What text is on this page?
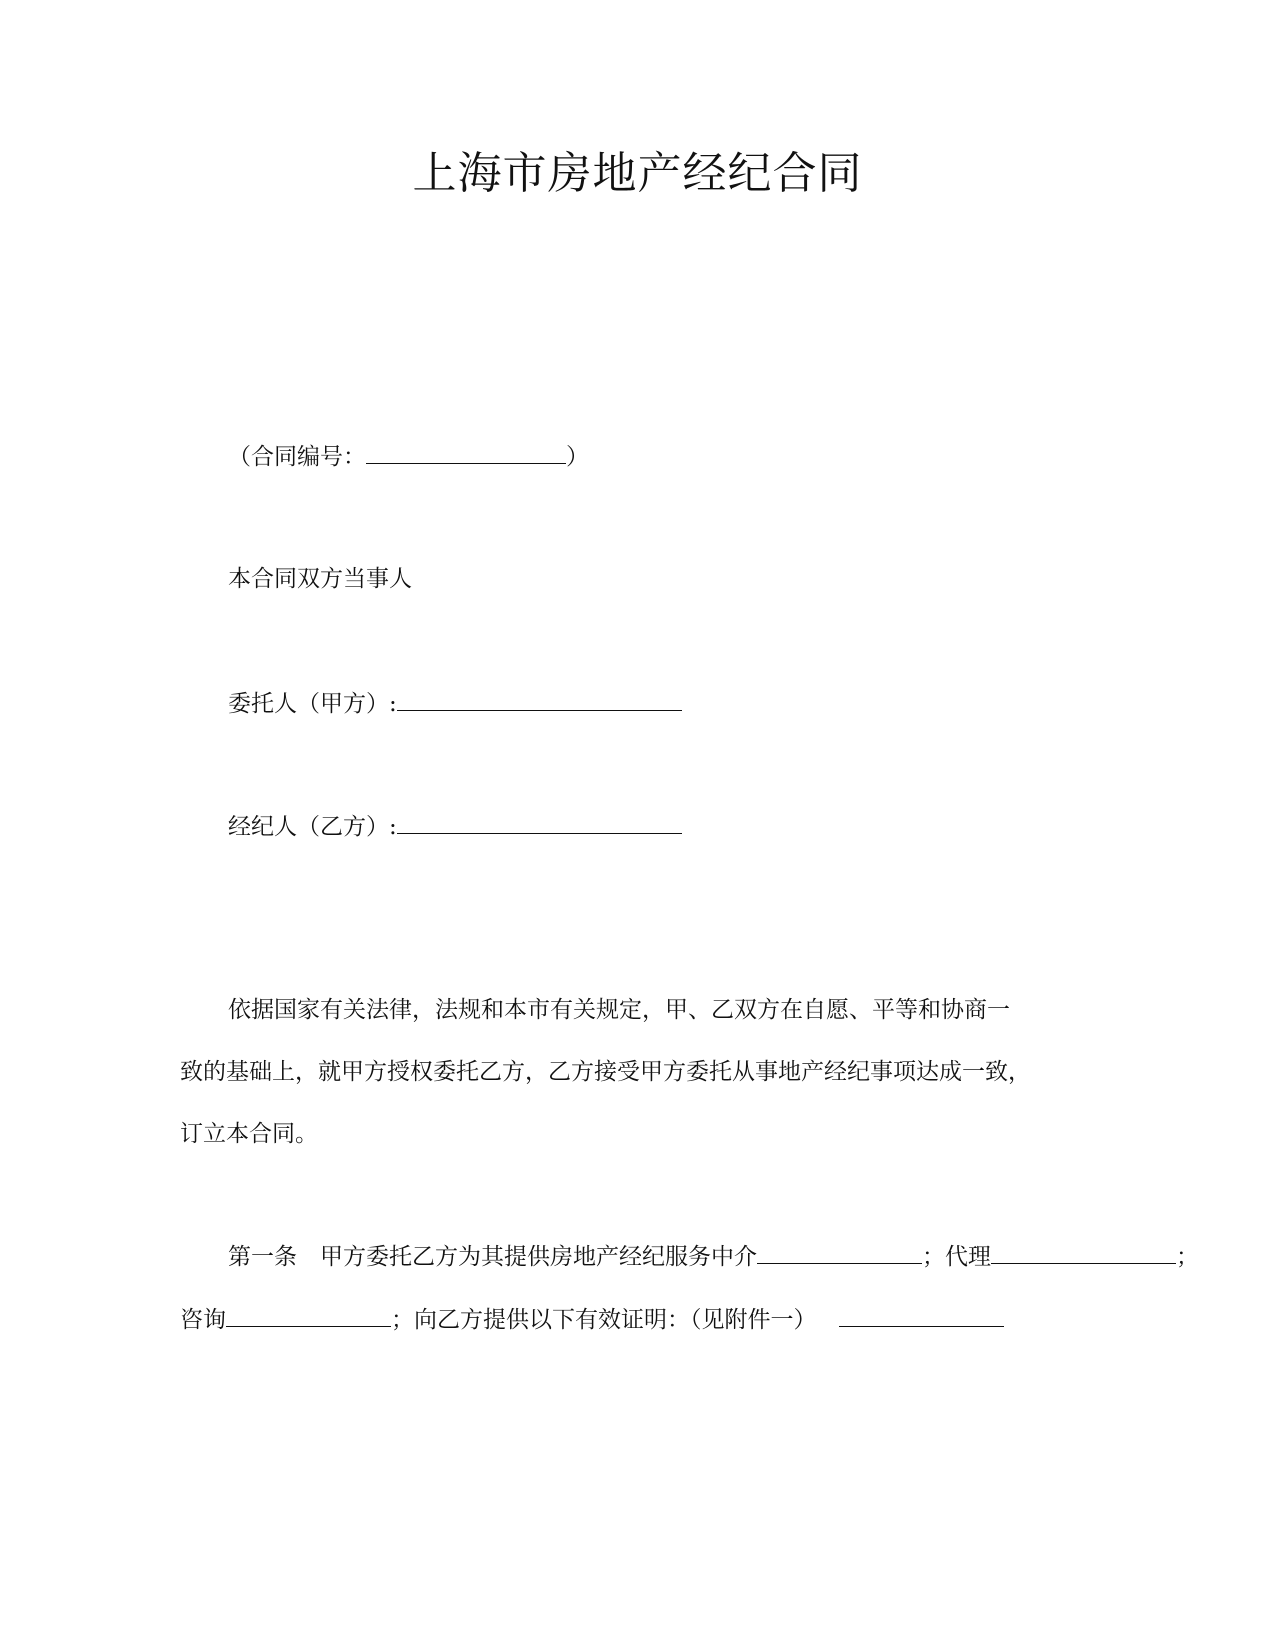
上海市房地产经纪合同
（合同编号：	）
本合同双方当事人
委托人（甲方）:
经纪人（乙方）:
依据国家有关法律，法规和本市有关规定，甲、乙双方在自愿、平等和协商一
致的基础上，就甲方授权委托乙方，乙方接受甲方委托从事地产经纪事项达成一致，
订立本合同。
第一条　甲方委托乙方为其提供房地产经纪服务中介	；代理	；
咨询	；向乙方提供以下有效证明：（见附件一）
